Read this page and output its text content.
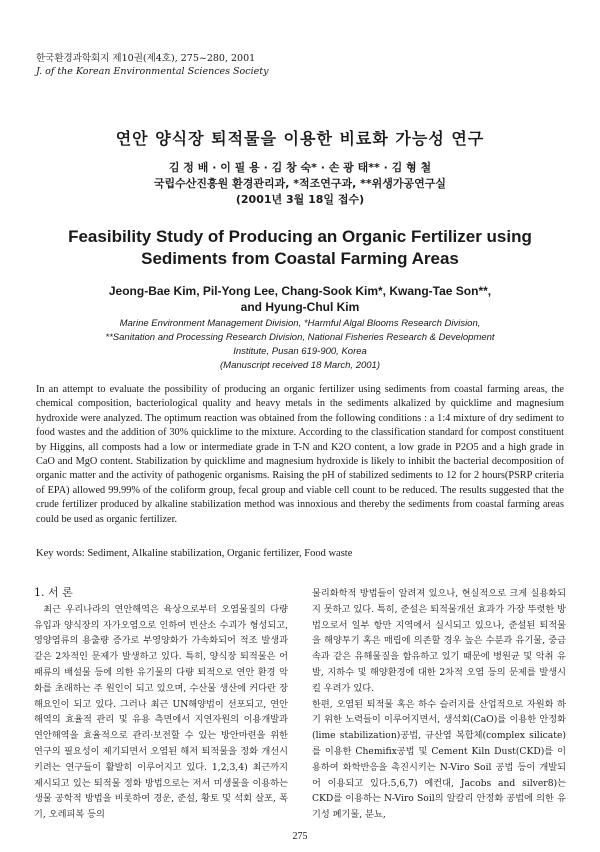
한국환경과학회지 제10권(제4호), 275~280, 2001
J. of the Korean Environmental Sciences Society
연안 양식장 퇴적물을 이용한 비료화 가능성 연구
김 정 배 · 이 필 용 · 김 창 숙* · 손 광 태** · 김 형 철
국립수산진흥원 환경관리과, *적조연구과, **위생가공연구실
(2001년 3월 18일 접수)
Feasibility Study of Producing an Organic Fertilizer using
Sediments from Coastal Farming Areas
Jeong-Bae Kim, Pil-Yong Lee, Chang-Sook Kim*, Kwang-Tae Son**,
and Hyung-Chul Kim
Marine Environment Management Division, *Harmful Algal Blooms Research Division,
**Sanitation and Processing Research Division, National Fisheries Research & Development
Institute, Pusan 619-900, Korea
(Manuscript received 18 March, 2001)
In an attempt to evaluate the possibility of producing an organic fertilizer using sediments from coastal farming areas, the chemical composition, bacteriological quality and heavy metals in the sediments alkalized by quicklime and magnesium hydroxide were analyzed. The optimum reaction was obtained from the following conditions : a 1:4 mixture of dry sediment to food wastes and the addition of 30% quicklime to the mixture. According to the classification standard for compost constituent by Higgins, all composts had a low or intermediate grade in T-N and K2O content, a low grade in P2O5 and a high grade in CaO and MgO content. Stabilization by quicklime and magnesium hydroxide is likely to inhibit the bacterial decomposition of organic matter and the activity of pathogenic organisms. Raising the pH of stabilized sediments to 12 for 2 hours(PSRP criteria of EPA) allowed 99.99% of the coliform group, fecal group and viable cell count to be reduced. The results suggested that the crude fertilizer produced by alkaline stabilization method was innoxious and thereby the sediments from coastal farming areas could be used as organic fertilizer.
Key words: Sediment, Alkaline stabilization, Organic fertilizer, Food waste
1. 서 론
최근 우리나라의 연안해역은 육상으로부터 오염물질의 다량유입과 양식장의 자가오염으로 인하여 빈산소 수괴가 형성되고, 영양염류의 용출량 증가로 부영양화가 가속화되어 적조 발생과 같은 2차적인 문제가 발생하고 있다. 특히, 양식장 퇴적물은 어패류의 배설물 등에 의한 유기물의 다량 퇴적으로 연안 환경 악화를 초래하는 주 원인이 되고 있으며, 수산물 생산에 커다란 장해요인이 되고 있다. 그러나 최근 UN해양법이 선포되고, 연안해역의 효율적 관리 및 유용 측면에서 지연자원의 이용개발과 연안해역을 효율적으로 관리·보전할 수 있는 방안마련을 위한 연구의 필요성이 제기되면서 오염된 해저 퇴적물을 정화 개선시키려는 연구들이 활발히 이루어지고 있다. 1,2,3,4) 최근까지 제시되고 있는 퇴적물 정화 방법으로는 저서 미생물을 이용하는 생물 공학적 방법을 비롯하여 경운, 준설, 황토 및 석회 살포, 폭기, 오레피복 등의
물리화학적 방법들이 알려져 있으나, 현실적으로 크게 실용화되지 못하고 있다. 특히, 준설은 퇴적물개선 효과가 가장 뚜렷한 방법으로서 일부 항만 지역에서 실시되고 있으나, 준설된 퇴적물을 해양투기 혹은 매립에 의존할 경우 높은 수분과 유기물, 중금속과 같은 유해물질을 함유하고 있기 때문에 병원균 및 악취 유발, 지하수 및 해양환경에 대한 2차적 오염 등의 문제를 발생시킬 우려가 있다.
한편, 오염된 퇴적물 혹은 하수 슬러지를 산업적으로 자원화 하기 위한 노력들이 이루어지면서, 생석회(CaO)를 이용한 안정화(lime stabilization)공법, 규산염 복합체(complex silicate)를 이용한 Chemifix공법 및 Cement Kiln Dust(CKD)를 이용하여 화학반응을 촉진시키는 N-Viro Soil 공법 등이 개발되어 이용되고 있다.5,6,7) 예컨대, Jacobs and silver8)는 CKD를 이용하는 N-Viro Soil의 알칼리 안정화 공법에 의한 유기성 폐기물, 분뇨,
275
